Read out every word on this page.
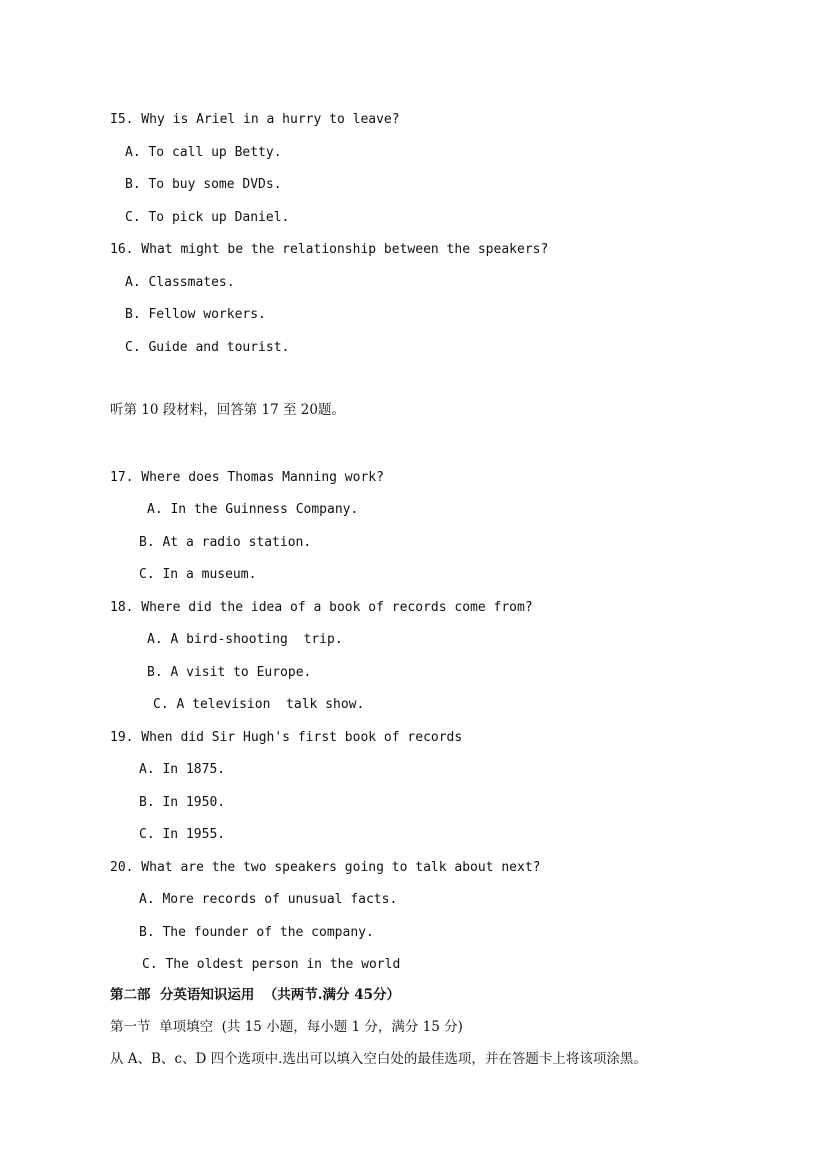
I5. Why is Ariel in a hurry to leave?
A. To call up Betty.
B. To buy some DVDs.
C. To pick up Daniel.
16. What might be the relationship between the speakers?
A. Classmates.
B. Fellow workers.
C. Guide and tourist.
听第 10 段材料，回答第 17 至 20题。
17. Where does Thomas Manning work?
A. In the Guinness Company.
B. At a radio station.
C. In a museum.
18. Where did the idea of a book of records come from?
A. A bird-shooting  trip.
B. A visit to Europe.
C. A television  talk show.
19. When did Sir Hugh's first book of records
A. In 1875.
B. In 1950.
C. In 1955.
20. What are the two speakers going to talk about next?
A. More records of unusual facts.
B. The founder of the company.
C. The oldest person in the world
第二部  分英语知识运用  （共两节.满分 45分）
第一节  单项填空  (共 15 小题，每小题 1 分，满分 15 分)
从 A、B、c、D 四个选项中.选出可以填入空白处的最佳选项，并在答题卡上将该项涂黑。
